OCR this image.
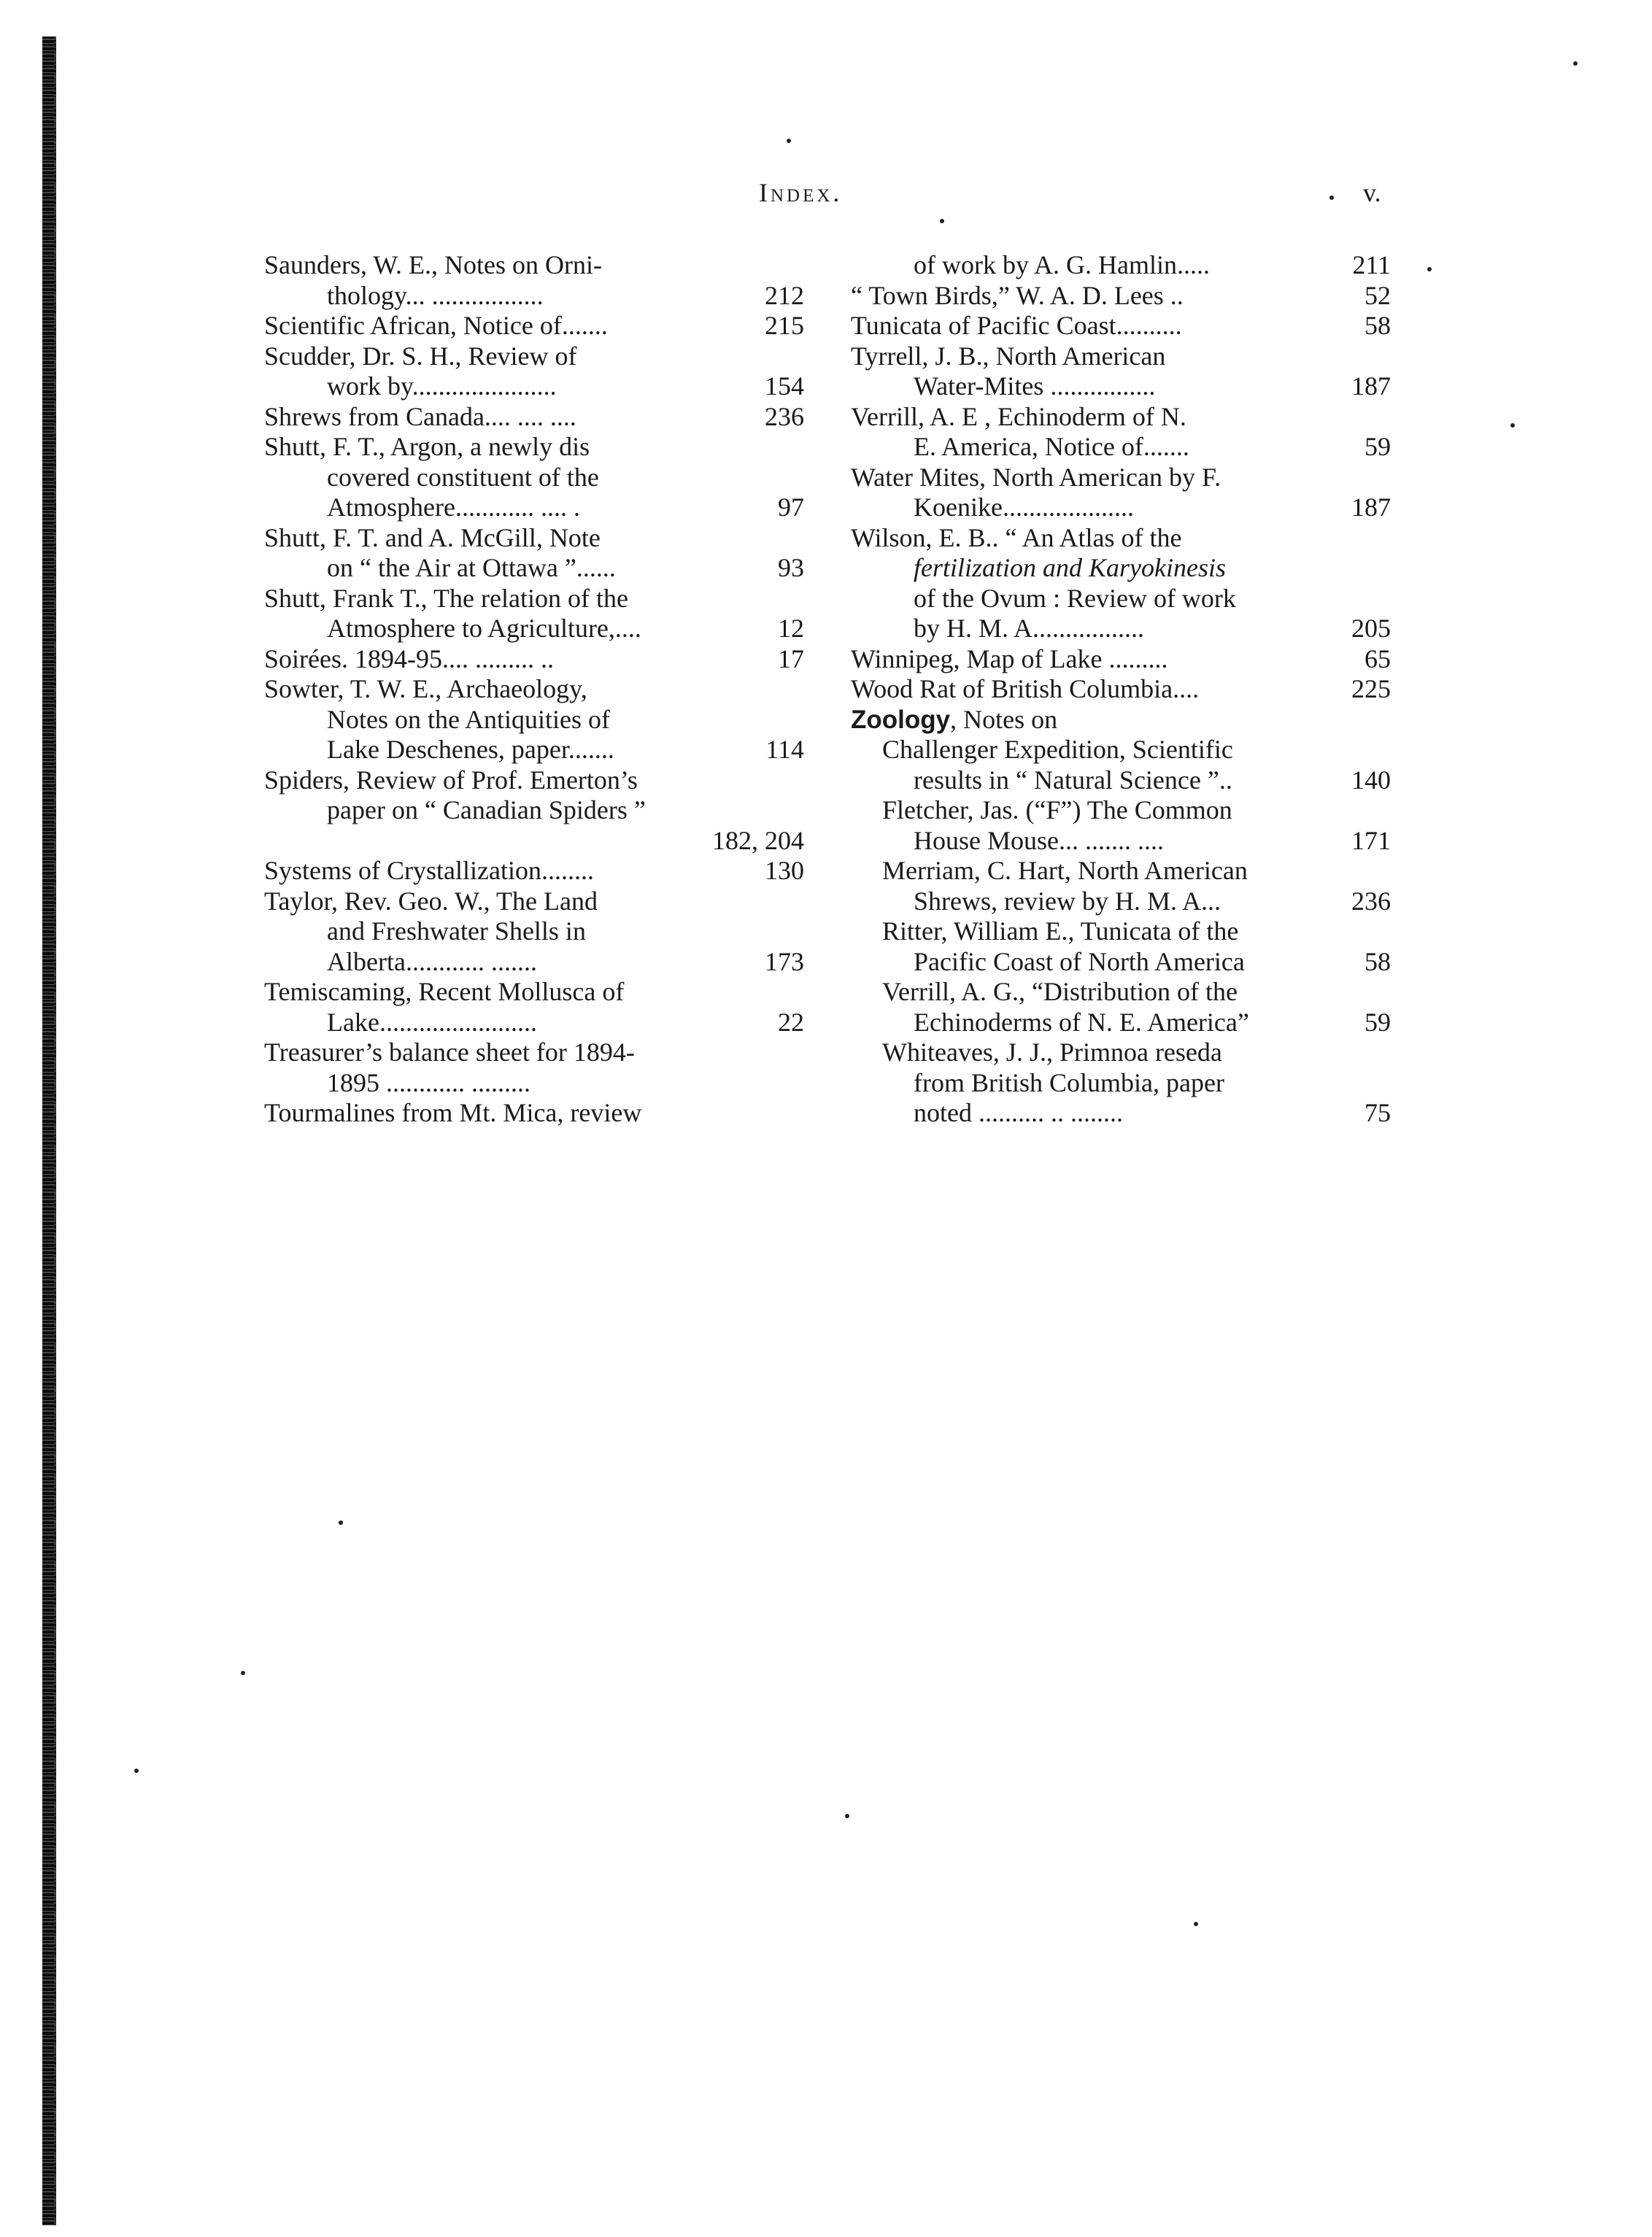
Index.	v.
Saunders, W. E., Notes on Orni-
thology... .................	212
Scientific African, Notice of.......	215
Scudder, Dr. S. H., Review of
work by......................	154
Shrews from Canada.... .... ....	236
Shutt, F. T., Argon, a newly dis
covered constituent of the
Atmosphere............ .... .	97
Shutt, F. T. and A. McGill, Note
on “ the Air at Ottawa ”......	93
Shutt, Frank T., The relation of the
Atmosphere to Agriculture,....	12
Soirées. 1894-95.... ......... ..	17
Sowter, T. W. E., Archaeology,
Notes on the Antiquities of
Lake Deschenes, paper.......	114
Spiders, Review of Prof. Emerton’s
paper on “ Canadian Spiders ”
182, 204
Systems of Crystallization........	130
Taylor, Rev. Geo. W., The Land
and Freshwater Shells in
Alberta............ .......	173
Temiscaming, Recent Mollusca of
Lake........................	22
Treasurer’s balance sheet for 1894-
1895 ............ .........
Tourmalines from Mt. Mica, review
of work by A. G. Hamlin.....	211
“ Town Birds,” W. A. D. Lees ..	52
Tunicata of Pacific Coast..........	58
Tyrrell, J. B., North American
Water-Mites ................	187
Verrill, A. E , Echinoderm of N.
E. America, Notice of.......	59
Water Mites, North American by F.
Koenike....................	187
Wilson, E. B.. “ An Atlas of the
fertilization and Karyokinesis
of the Ovum : Review of work
by H. M. A.................	205
Winnipeg, Map of Lake .........	65
Wood Rat of British Columbia....	225
Zoology, Notes on
Challenger Expedition, Scientific
results in “ Natural Science ”..	140
Fletcher, Jas. (“F”) The Common
House Mouse... ....... ....	171
Merriam, C. Hart, North American
Shrews, review by H. M. A...	236
Ritter, William E., Tunicata of the
Pacific Coast of North America	58
Verrill, A. G., “Distribution of the
Echinoderms of N. E. America”	59
Whiteaves, J. J., Primnoa reseda
from British Columbia, paper
noted .......... .. ........	75
